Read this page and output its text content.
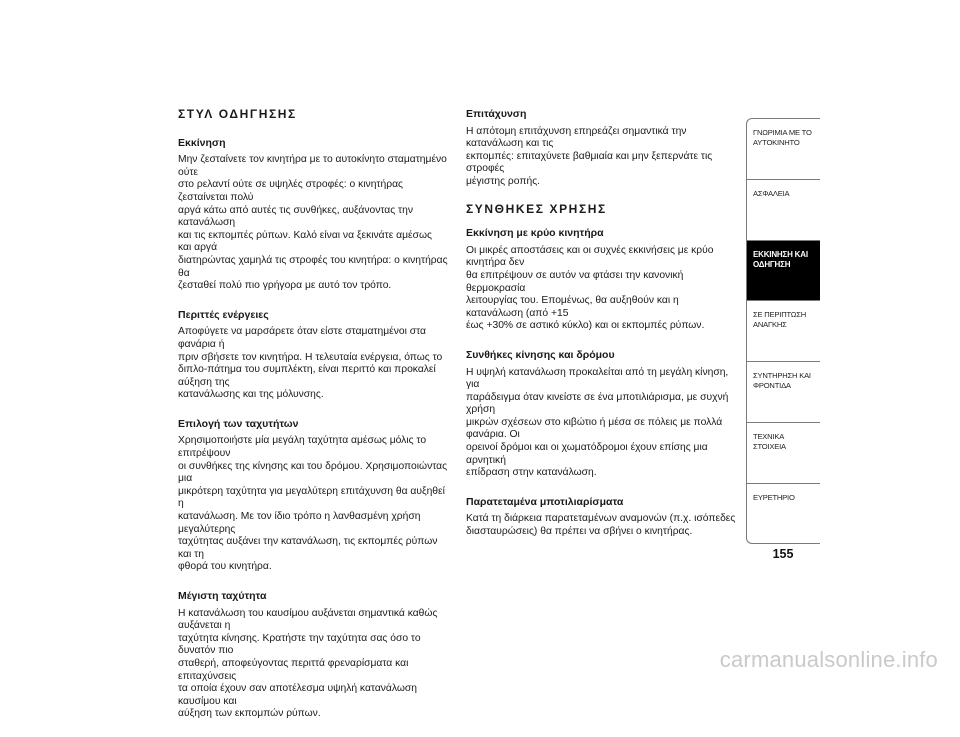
ΣΤΥΛ ΟΔΗΓΗΣΗΣ
Εκκίνηση
Μην ζεσταίνετε τον κινητήρα με το αυτοκίνητο σταματημένο ούτε
στο ρελαντί ούτε σε υψηλές στροφές: ο κινητήρας ζεσταίνεται πολύ
αργά κάτω από αυτές τις συνθήκες, αυξάνοντας την κατανάλωση
και τις εκπομπές ρύπων. Καλό είναι να ξεκινάτε αμέσως και αργά
διατηρώντας χαμηλά τις στροφές του κινητήρα: ο κινητήρας θα
ζεσταθεί πολύ πιο γρήγορα με αυτό τον τρόπο.
Περιττές ενέργειες
Αποφύγετε να μαρσάρετε όταν είστε σταματημένοι στα φανάρια ή
πριν σβήσετε τον κινητήρα. Η τελευταία ενέργεια, όπως το
διπλο-πάτημα του συμπλέκτη, είναι περιττό και προκαλεί αύξηση της
κατανάλωσης και της μόλυνσης.
Επιλογή των ταχυτήτων
Χρησιμοποιήστε μία μεγάλη ταχύτητα αμέσως μόλις το επιτρέψουν
οι συνθήκες της κίνησης και του δρόμου. Χρησιμοποιώντας μια
μικρότερη ταχύτητα για μεγαλύτερη επιτάχυνση θα αυξηθεί η
κατανάλωση. Με τον ίδιο τρόπο η λανθασμένη χρήση μεγαλύτερης
ταχύτητας αυξάνει την κατανάλωση, τις εκπομπές ρύπων και τη
φθορά του κινητήρα.
Μέγιστη ταχύτητα
Η κατανάλωση του καυσίμου αυξάνεται σημαντικά καθώς αυξάνεται η
ταχύτητα κίνησης. Κρατήστε την ταχύτητα σας όσο το δυνατόν πιο
σταθερή, αποφεύγοντας περιττά φρεναρίσματα και επιταχύνσεις
τα οποία έχουν σαν αποτέλεσμα υψηλή κατανάλωση καυσίμου και
αύξηση των εκπομπών ρύπων.
Επιτάχυνση
Η απότομη επιτάχυνση επηρεάζει σημαντικά την κατανάλωση και τις
εκπομπές: επιταχύνετε βαθμιαία και μην ξεπερνάτε τις στροφές
μέγιστης ροπής.
ΣΥΝΘΗΚΕΣ ΧΡΗΣΗΣ
Εκκίνηση με κρύο κινητήρα
Οι μικρές αποστάσεις και οι συχνές εκκινήσεις με κρύο κινητήρα δεν
θα επιτρέψουν σε αυτόν να φτάσει την κανονική θερμοκρασία
λειτουργίας του. Επομένως, θα αυξηθούν και η κατανάλωση (από +15
έως +30% σε αστικό κύκλο) και οι εκπομπές ρύπων.
Συνθήκες κίνησης και δρόμου
Η υψηλή κατανάλωση προκαλείται από τη μεγάλη κίνηση, για
παράδειγμα όταν κινείστε σε ένα μποτιλιάρισμα, με συχνή χρήση
μικρών σχέσεων στο κιβώτιο ή μέσα σε πόλεις με πολλά φανάρια. Οι
ορεινοί δρόμοι και οι χωματόδρομοι έχουν επίσης μια αρνητική
επίδραση στην κατανάλωση.
Παρατεταμένα μποτιλιαρίσματα
Κατά τη διάρκεια παρατεταμένων αναμονών (π.χ. ισόπεδες
διασταυρώσεις) θα πρέπει να σβήνει ο κινητήρας.
ΓΝΩΡΙΜΙΑ ΜΕ ΤΟ
ΑΥΤΟΚΙΝΗΤΟ
ΑΣΦΑΛΕΙΑ
ΕΚΚΙΝΗΣΗ ΚΑΙ
ΟΔΗΓΗΣΗ
ΣΕ ΠΕΡΙΠΤΩΣΗ
ΑΝΑΓΚΗΣ
ΣΥΝΤΗΡΗΣΗ ΚΑΙ
ΦΡΟΝΤΙΔΑ
ΤΕΧΝΙΚΑ ΣΤΟΙΧΕΙΑ
ΕΥΡΕΤΗΡΙΟ
155
carmanualsonline.info
